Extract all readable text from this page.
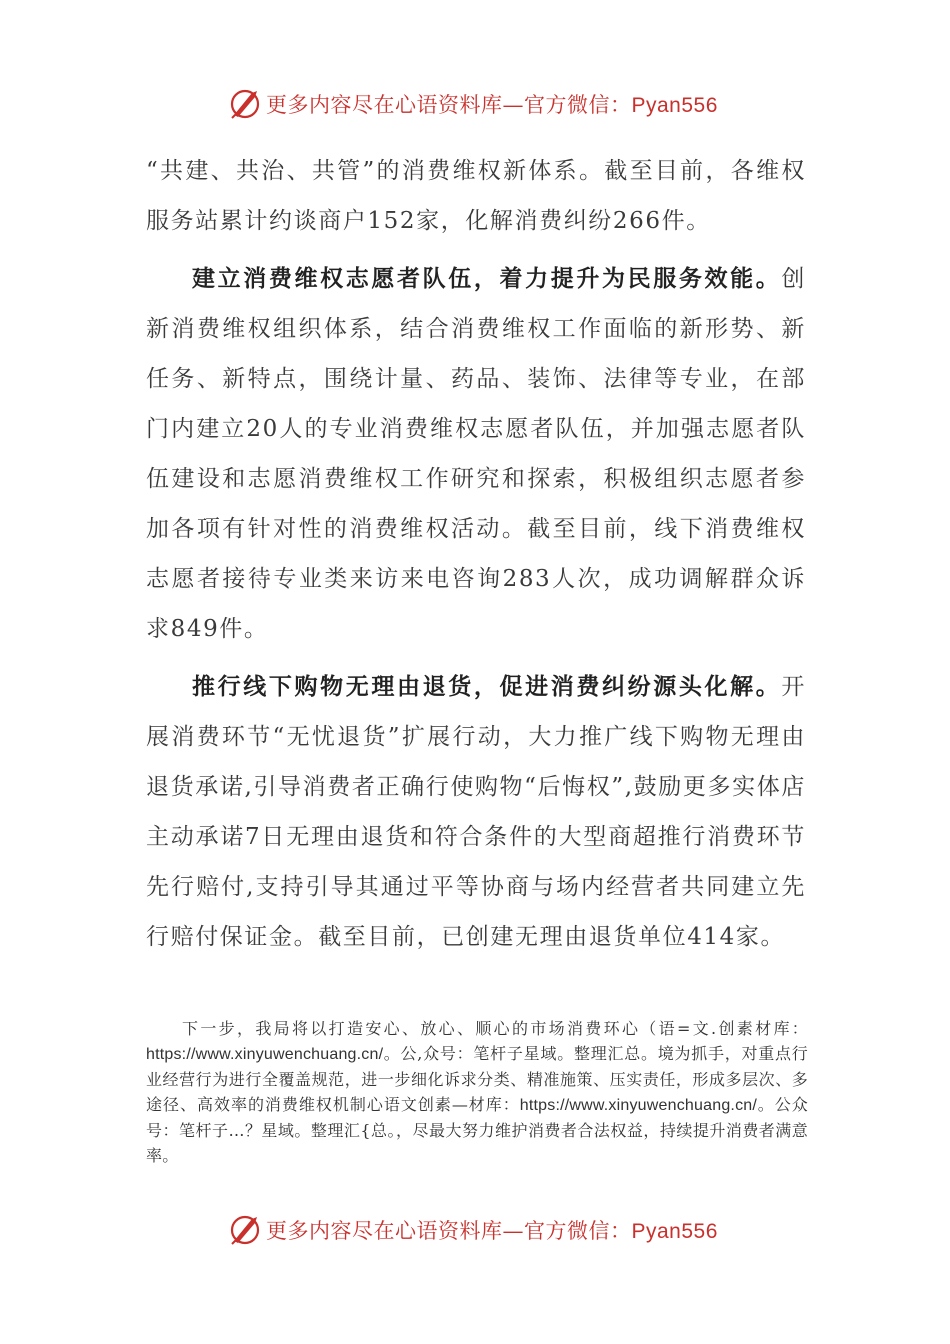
更多内容尽在心语资料库—官方微信：Pyan556

“共建、共治、共管”的消费维权新体系。截至目前，各维权服务站累计约谈商户152家，化解消费纠纷266件。

建立消费维权志愿者队伍，着力提升为民服务效能。创新消费维权组织体系，结合消费维权工作面临的新形势、新任务、新特点，围绕计量、药品、装饰、法律等专业，在部门内建立20人的专业消费维权志愿者队伍，并加强志愿者队伍建设和志愿消费维权工作研究和探索，积极组织志愿者参加各项有针对性的消费维权活动。截至目前，线下消费维权志愿者接待专业类来访来电咨询283人次，成功调解群众诉求849件。

推行线下购物无理由退货，促进消费纠纷源头化解。开展消费环节“无忧退货”扩展行动，大力推广线下购物无理由退货承诺,引导消费者正确行使购物“后悔权”,鼓励更多实体店主动承诺7日无理由退货和符合条件的大型商超推行消费环节先行赔付,支持引导其通过平等协商与场内经营者共同建立先行赔付保证金。截至目前，已创建无理由退货单位414家。

下一步，我局将以打造安心、放心、顺心的市场消费环心（语=文.创素材库：https://www.xinyuwenchuang.cn/。公,众号：笔杆子星域。整理汇总。境为抓手，对重点行业经营行为进行全覆盖规范，进一步细化诉求分类、精准施策、压实责任，形成多层次、多途径、高效率的消费维权机制心语文创素—材库：https://www.xinyuwenchuang.cn/。公众号：笔杆子…？星域。整理汇{总。，尽最大努力维护消费者合法权益，持续提升消费者满意率。

更多内容尽在心语资料库—官方微信：Pyan556
